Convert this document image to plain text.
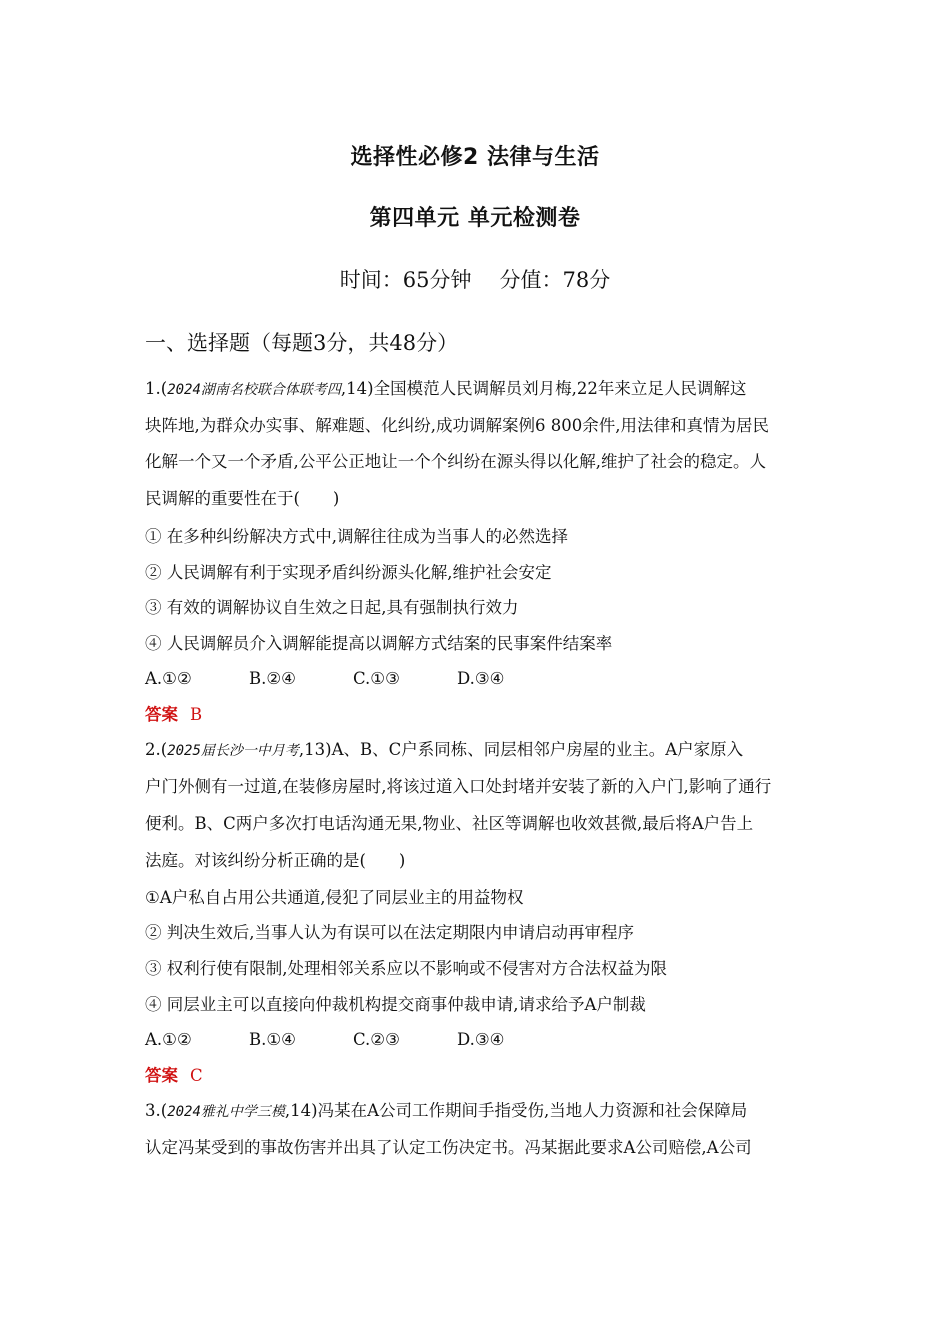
选择性必修2 法律与生活
第四单元 单元检测卷
时间：65分钟 分值：78分
一、选择题（每题3分，共48分）
1.(2024湖南名校联合体联考四,14)全国模范人民调解员刘月梅,22年来立足人民调解这
块阵地,为群众办实事、解难题、化纠纷,成功调解案例6 800余件,用法律和真情为居民
化解一个又一个矛盾,公平公正地让一个个纠纷在源头得以化解,维护了社会的稳定。人
民调解的重要性在于(　　)
① 在多种纠纷解决方式中,调解往往成为当事人的必然选择
② 人民调解有利于实现矛盾纠纷源头化解,维护社会安定
③ 有效的调解协议自生效之日起,具有强制执行效力
④ 人民调解员介入调解能提高以调解方式结案的民事案件结案率
A.①②	B.②④	C.①③	D.③④
答案 B
2.(2025届长沙一中月考,13)A、B、C户系同栋、同层相邻户房屋的业主。A户家原入
户门外侧有一过道,在装修房屋时,将该过道入口处封堵并安装了新的入户门,影响了通行
便利。B、C两户多次打电话沟通无果,物业、社区等调解也收效甚微,最后将A户告上
法庭。对该纠纷分析正确的是(　　)
①A户私自占用公共通道,侵犯了同层业主的用益物权
② 判决生效后,当事人认为有误可以在法定期限内申请启动再审程序
③ 权利行使有限制,处理相邻关系应以不影响或不侵害对方合法权益为限
④ 同层业主可以直接向仲裁机构提交商事仲裁申请,请求给予A户制裁
A.①②	B.①④	C.②③	D.③④
答案 C
3.(2024雅礼中学三模,14)冯某在A公司工作期间手指受伤,当地人力资源和社会保障局
认定冯某受到的事故伤害并出具了认定工伤决定书。冯某据此要求A公司赔偿,A公司
